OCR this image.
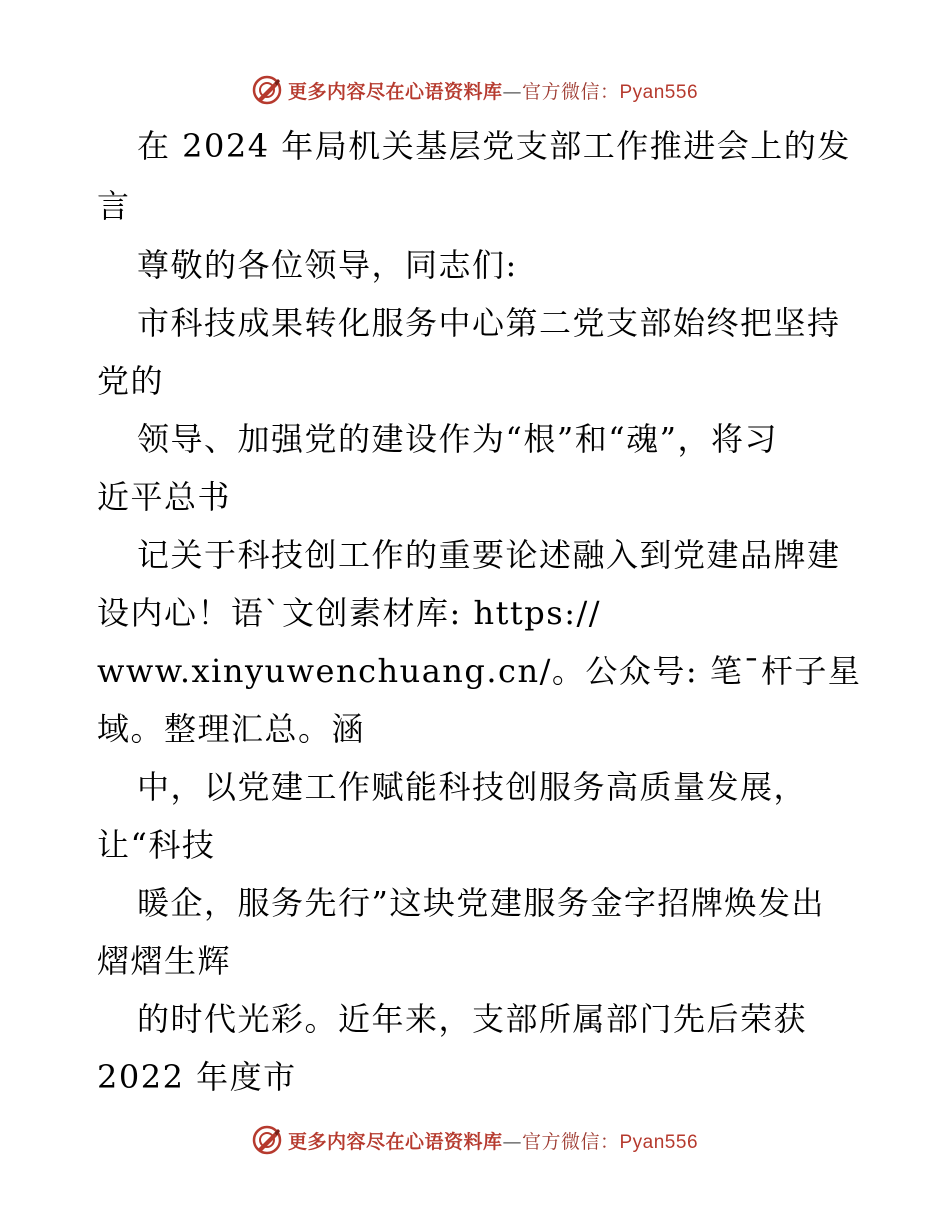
更多内容尽在心语资料库—官方微信：Pyan556
在 2024 年局机关基层党支部工作推进会上的发
言
尊敬的各位领导，同志们:
市科技成果转化服务中心第二党支部始终把坚持
党的
领导、加强党的建设作为“根”和“魂”，将习
近平总书
记关于科技创工作的重要论述融入到党建品牌建
设内心！语`文创素材库: https://
www.xinyuwenchuang.cn/。公众号: 笔¯杆子星
域。整理汇总。涵
中，以党建工作赋能科技创服务高质量发展，
让“科技
暖企，服务先行”这块党建服务金字招牌焕发出
熠熠生辉
的时代光彩。近年来，支部所属部门先后荣获
2022 年度市
更多内容尽在心语资料库—官方微信：Pyan556
